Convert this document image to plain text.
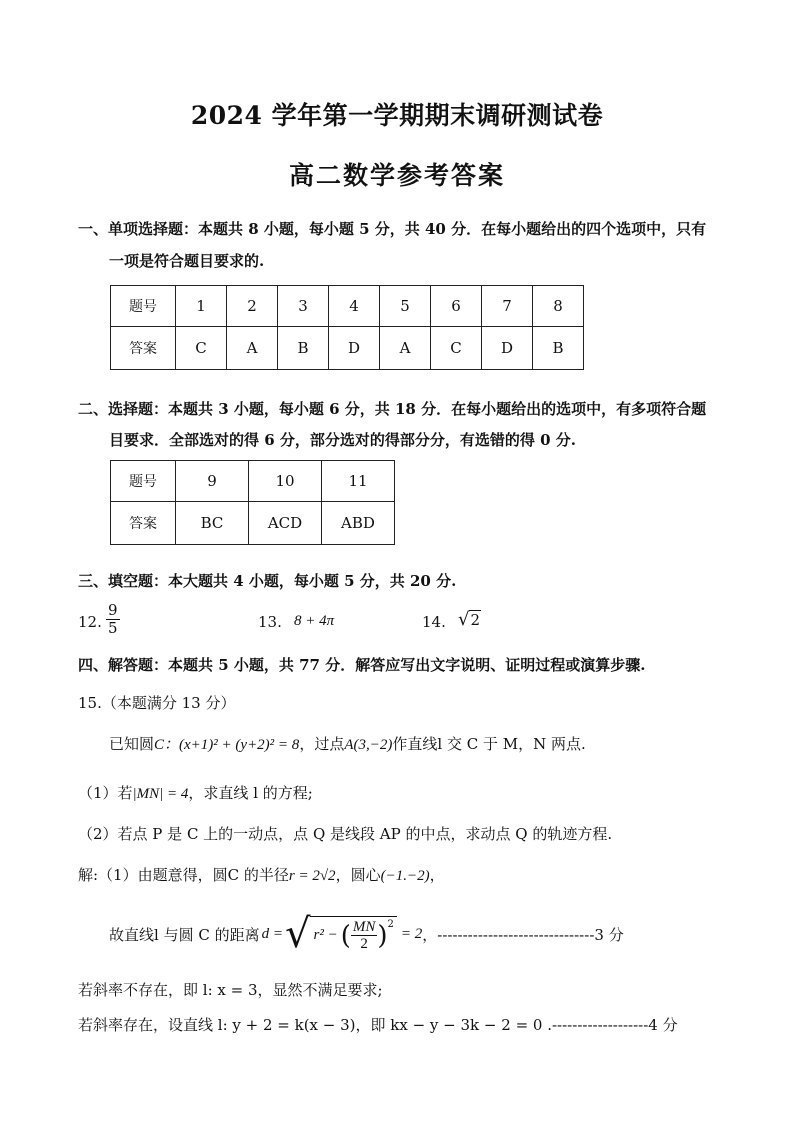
2024 学年第一学期期末调研测试卷
高二数学参考答案
一、单项选择题：本题共 8 小题，每小题 5 分，共 40 分．在每小题给出的四个选项中，只有
一项是符合题目要求的.
题号	1	2	3	4	5	6	7	8
答案	C	A	B	D	A	C	D	B
二、选择题：本题共 3 小题，每小题 6 分，共 18 分．在每小题给出的选项中，有多项符合题
目要求．全部选对的得 6 分，部分选对的得部分分，有选错的得 0 分.
题号	9	10	11
答案	BC	ACD	ABD
三、填空题：本大题共 4 小题，每小题 5 分，共 20 分.
12. $\frac{9}{5}$	13. 8 + 4π	14. √2
四、解答题：本题共 5 小题，共 77 分．解答应写出文字说明、证明过程或演算步骤.
15.（本题满分 13 分）
已知圆C：(x+1)² + (y+2)² = 8，过点A(3,−2)作直线l 交 C 于 M，N 两点.
（1）若|MN| = 4，求直线 l 的方程;
（2）若点 P 是 C 上的一动点，点 Q 是线段 AP 的中点，求动点 Q 的轨迹方程.
解:（1）由题意得，圆C 的半径r = 2√2，圆心(−1.−2)，
故直线 l 与圆 C 的距离 d = √ r² − ( $\frac{MN}{2} )^2$
= 2 ，-------------------------------3 分
若斜率不存在，即 l: x = 3，显然不满足要求;
若斜率存在，设直线 l: y + 2 = k(x − 3)，即 kx − y − 3k − 2 = 0 .-------------------4 分
